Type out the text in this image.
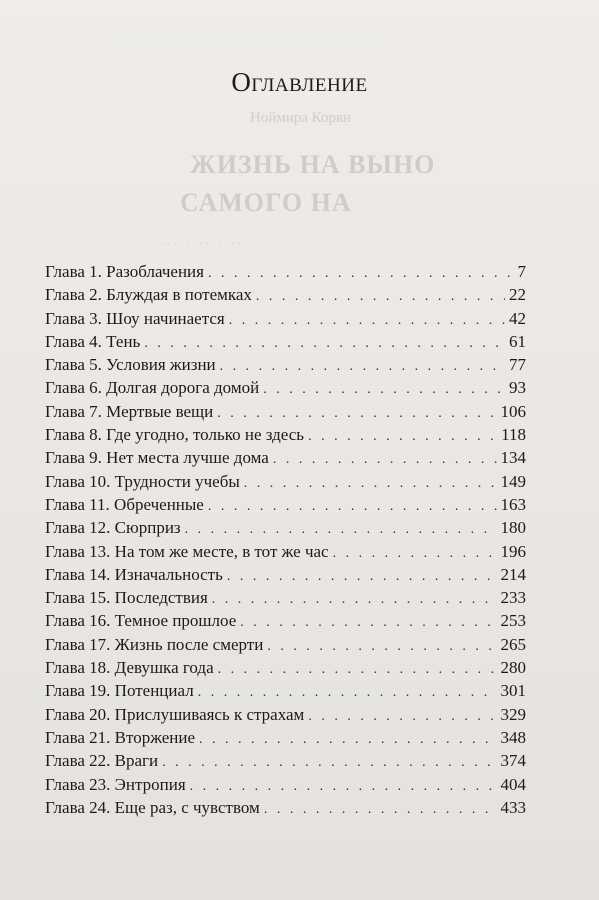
Ноймира Корвн
ЖИЗНЬ НА ВЫНО
САМОГО НА
· · · · · · · · · · · · · ·
Оглавление
Глава 1. Разоблачения . . .	7
Глава 2. Блуждая в потемках . . .	22
Глава 3. Шоу начинается . . .	42
Глава 4. Тень . . .	61
Глава 5. Условия жизни . . .	77
Глава 6. Долгая дорога домой . . .	93
Глава 7. Мертвые вещи . . .	106
Глава 8. Где угодно, только не здесь . . .	118
Глава 9. Нет места лучше дома . . .	134
Глава 10. Трудности учебы . . .	149
Глава 11. Обреченные . . .	163
Глава 12. Сюрприз . . .	180
Глава 13. На том же месте, в тот же час . . .	196
Глава 14. Изначальность . . .	214
Глава 15. Последствия . . .	233
Глава 16. Темное прошлое . . .	253
Глава 17. Жизнь после смерти . . .	265
Глава 18. Девушка года . . .	280
Глава 19. Потенциал . . .	301
Глава 20. Прислушиваясь к страхам . . .	329
Глава 21. Вторжение . . .	348
Глава 22. Враги . . .	374
Глава 23. Энтропия . . .	404
Глава 24. Еще раз, с чувством . . .	433
